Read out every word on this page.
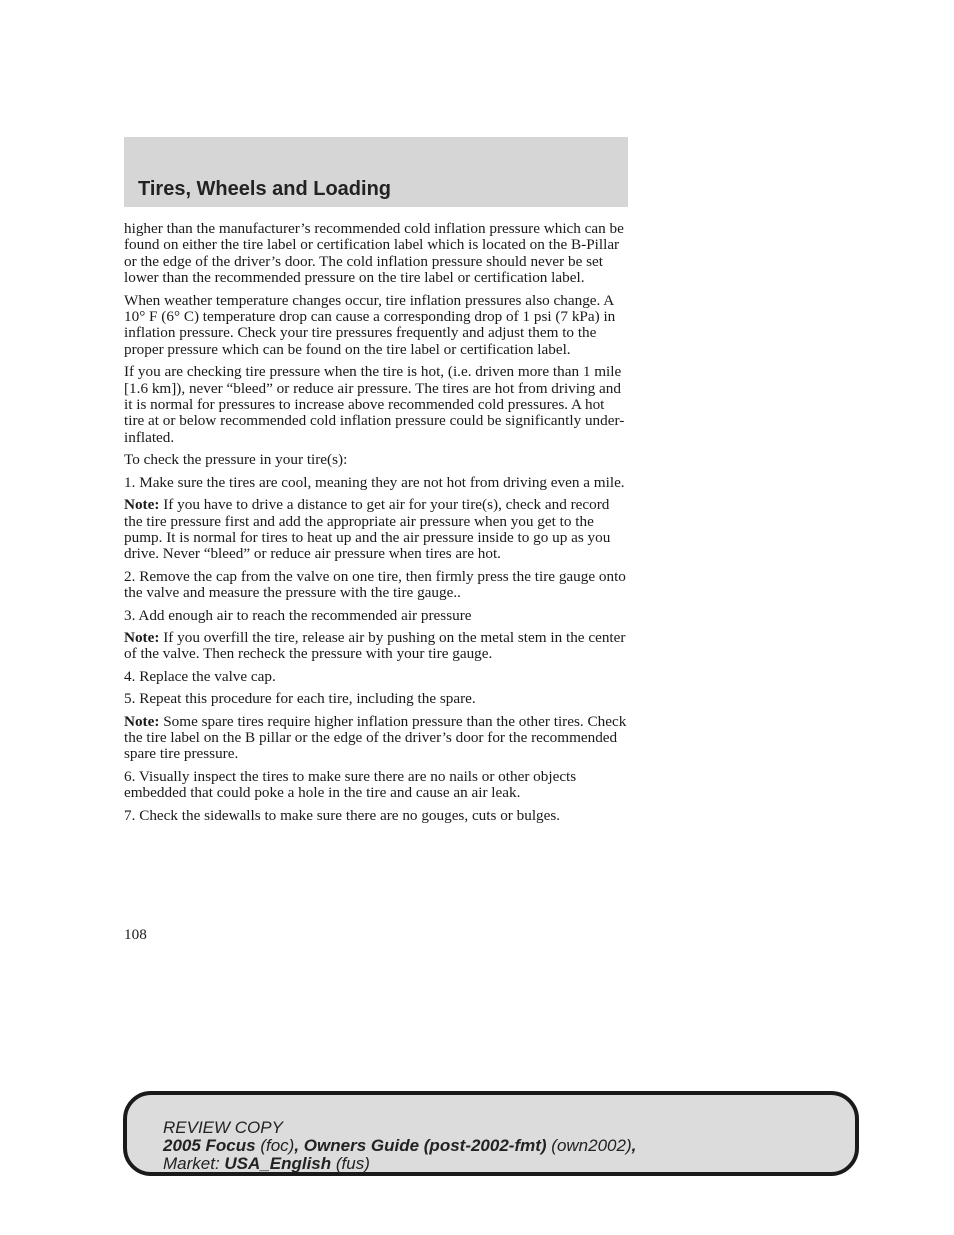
Tires, Wheels and Loading

higher than the manufacturer’s recommended cold inflation pressure which can be found on either the tire label or certification label which is located on the B-Pillar or the edge of the driver’s door. The cold inflation pressure should never be set lower than the recommended pressure on the tire label or certification label.

When weather temperature changes occur, tire inflation pressures also change. A 10° F (6° C) temperature drop can cause a corresponding drop of 1 psi (7 kPa) in inflation pressure. Check your tire pressures frequently and adjust them to the proper pressure which can be found on the tire label or certification label.

If you are checking tire pressure when the tire is hot, (i.e. driven more than 1 mile [1.6 km]), never “bleed” or reduce air pressure. The tires are hot from driving and it is normal for pressures to increase above recommended cold pressures. A hot tire at or below recommended cold inflation pressure could be significantly under-inflated.

To check the pressure in your tire(s):

1. Make sure the tires are cool, meaning they are not hot from driving even a mile.

Note: If you have to drive a distance to get air for your tire(s), check and record the tire pressure first and add the appropriate air pressure when you get to the pump. It is normal for tires to heat up and the air pressure inside to go up as you drive. Never “bleed” or reduce air pressure when tires are hot.

2. Remove the cap from the valve on one tire, then firmly press the tire gauge onto the valve and measure the pressure with the tire gauge..

3. Add enough air to reach the recommended air pressure

Note: If you overfill the tire, release air by pushing on the metal stem in the center of the valve. Then recheck the pressure with your tire gauge.

4. Replace the valve cap.

5. Repeat this procedure for each tire, including the spare.

Note: Some spare tires require higher inflation pressure than the other tires. Check the tire label on the B pillar or the edge of the driver’s door for the recommended spare tire pressure.

6. Visually inspect the tires to make sure there are no nails or other objects embedded that could poke a hole in the tire and cause an air leak.

7. Check the sidewalls to make sure there are no gouges, cuts or bulges.

108
REVIEW COPY
2005 Focus (foc), Owners Guide (post-2002-fmt) (own2002),
Market: USA_English (fus)
